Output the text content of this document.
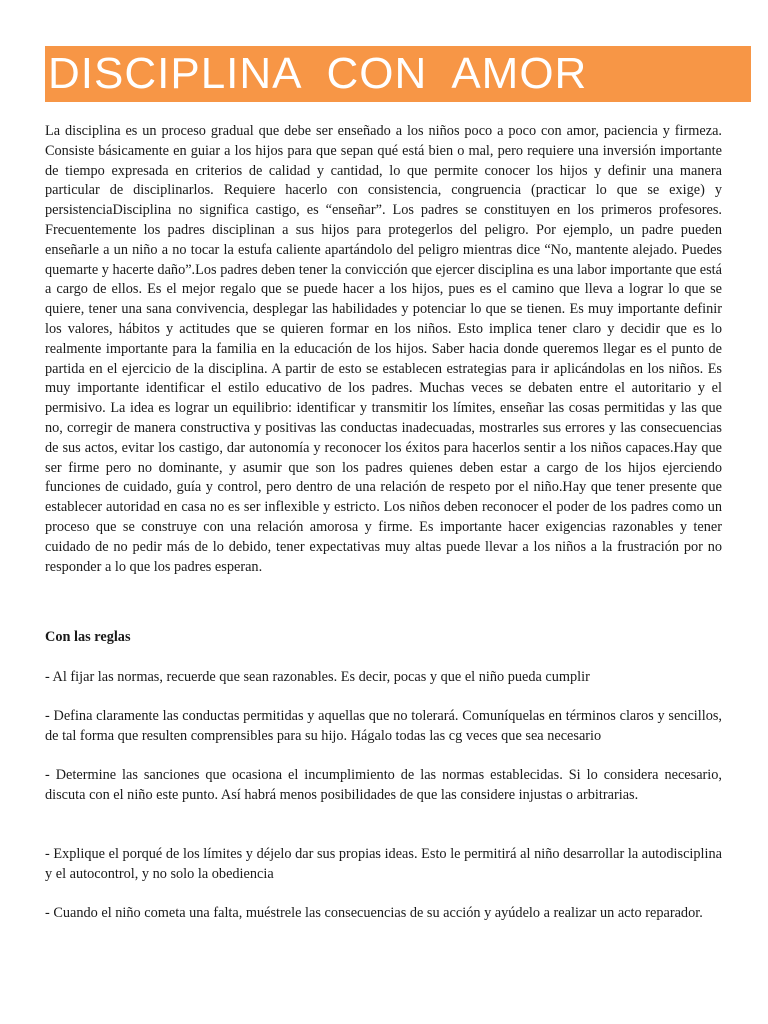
DISCIPLINA  CON  AMOR

La disciplina es un proceso gradual que debe ser enseñado a los niños poco a poco con amor, paciencia y firmeza. Consiste básicamente en guiar a los hijos para que sepan qué está bien o mal, pero requiere una inversión importante de tiempo expresada en criterios de calidad y cantidad, lo que permite conocer los hijos y definir una manera particular de disciplinarlos. Requiere hacerlo con consistencia, congruencia (practicar lo que se exige) y persistenciaDisciplina no significa castigo, es “enseñar”. Los padres se constituyen en los primeros profesores. Frecuentemente los padres disciplinan a sus hijos para protegerlos del peligro. Por ejemplo, un padre pueden enseñarle a un niño a no tocar la estufa caliente apartándolo del peligro mientras dice “No, mantente alejado. Puedes quemarte y hacerte daño”.Los padres deben tener la convicción que ejercer disciplina es una labor importante que está a cargo de ellos. Es el mejor regalo que se puede hacer a los hijos, pues es el camino que lleva a lograr lo que se quiere, tener una sana convivencia, desplegar las habilidades y potenciar lo que se tienen. Es muy importante definir los valores, hábitos y actitudes que se quieren formar en los niños. Esto implica tener claro y decidir que es lo realmente importante para la familia en la educación de los hijos. Saber hacia donde queremos llegar es el punto de partida en el ejercicio de la disciplina. A partir de esto se establecen estrategias para ir aplicándolas en los niños. Es muy importante identificar el estilo educativo de los padres. Muchas veces se debaten entre el autoritario y el permisivo. La idea es lograr un equilibrio: identificar y transmitir los límites, enseñar las cosas permitidas y las que no, corregir de manera constructiva y positivas las conductas inadecuadas, mostrarles sus errores y las consecuencias de sus actos, evitar los castigo, dar autonomía y reconocer los éxitos para hacerlos sentir a los niños capaces.Hay que ser firme pero no dominante, y asumir que son los padres quienes deben estar a cargo de los hijos ejerciendo funciones de cuidado, guía y control, pero dentro de una relación de respeto por el niño.Hay que tener presente que establecer autoridad en casa no es ser inflexible y estricto. Los niños deben reconocer el poder de los padres como un proceso que se construye con una relación amorosa y firme. Es importante hacer exigencias razonables y tener cuidado de no pedir más de lo debido, tener expectativas muy altas puede llevar a los niños a la frustración por no responder a lo que los padres esperan.

Con las reglas

- Al fijar las normas, recuerde que sean razonables. Es decir, pocas y que el niño pueda cumplir

- Defina claramente las conductas permitidas y aquellas que no tolerará. Comuníquelas en términos claros y sencillos, de tal forma que resulten comprensibles para su hijo. Hágalo todas las cg veces que sea necesario

- Determine las sanciones que ocasiona el incumplimiento de las normas establecidas. Si lo considera necesario, discuta con el niño este punto. Así habrá menos posibilidades de que las considere injustas o arbitrarias.

- Explique el porqué de los límites y déjelo dar sus propias ideas. Esto le permitirá al niño desarrollar la autodisciplina y el autocontrol, y no solo la obediencia

- Cuando el niño cometa una falta, muéstrele las consecuencias de su acción y ayúdelo a realizar un acto reparador.
